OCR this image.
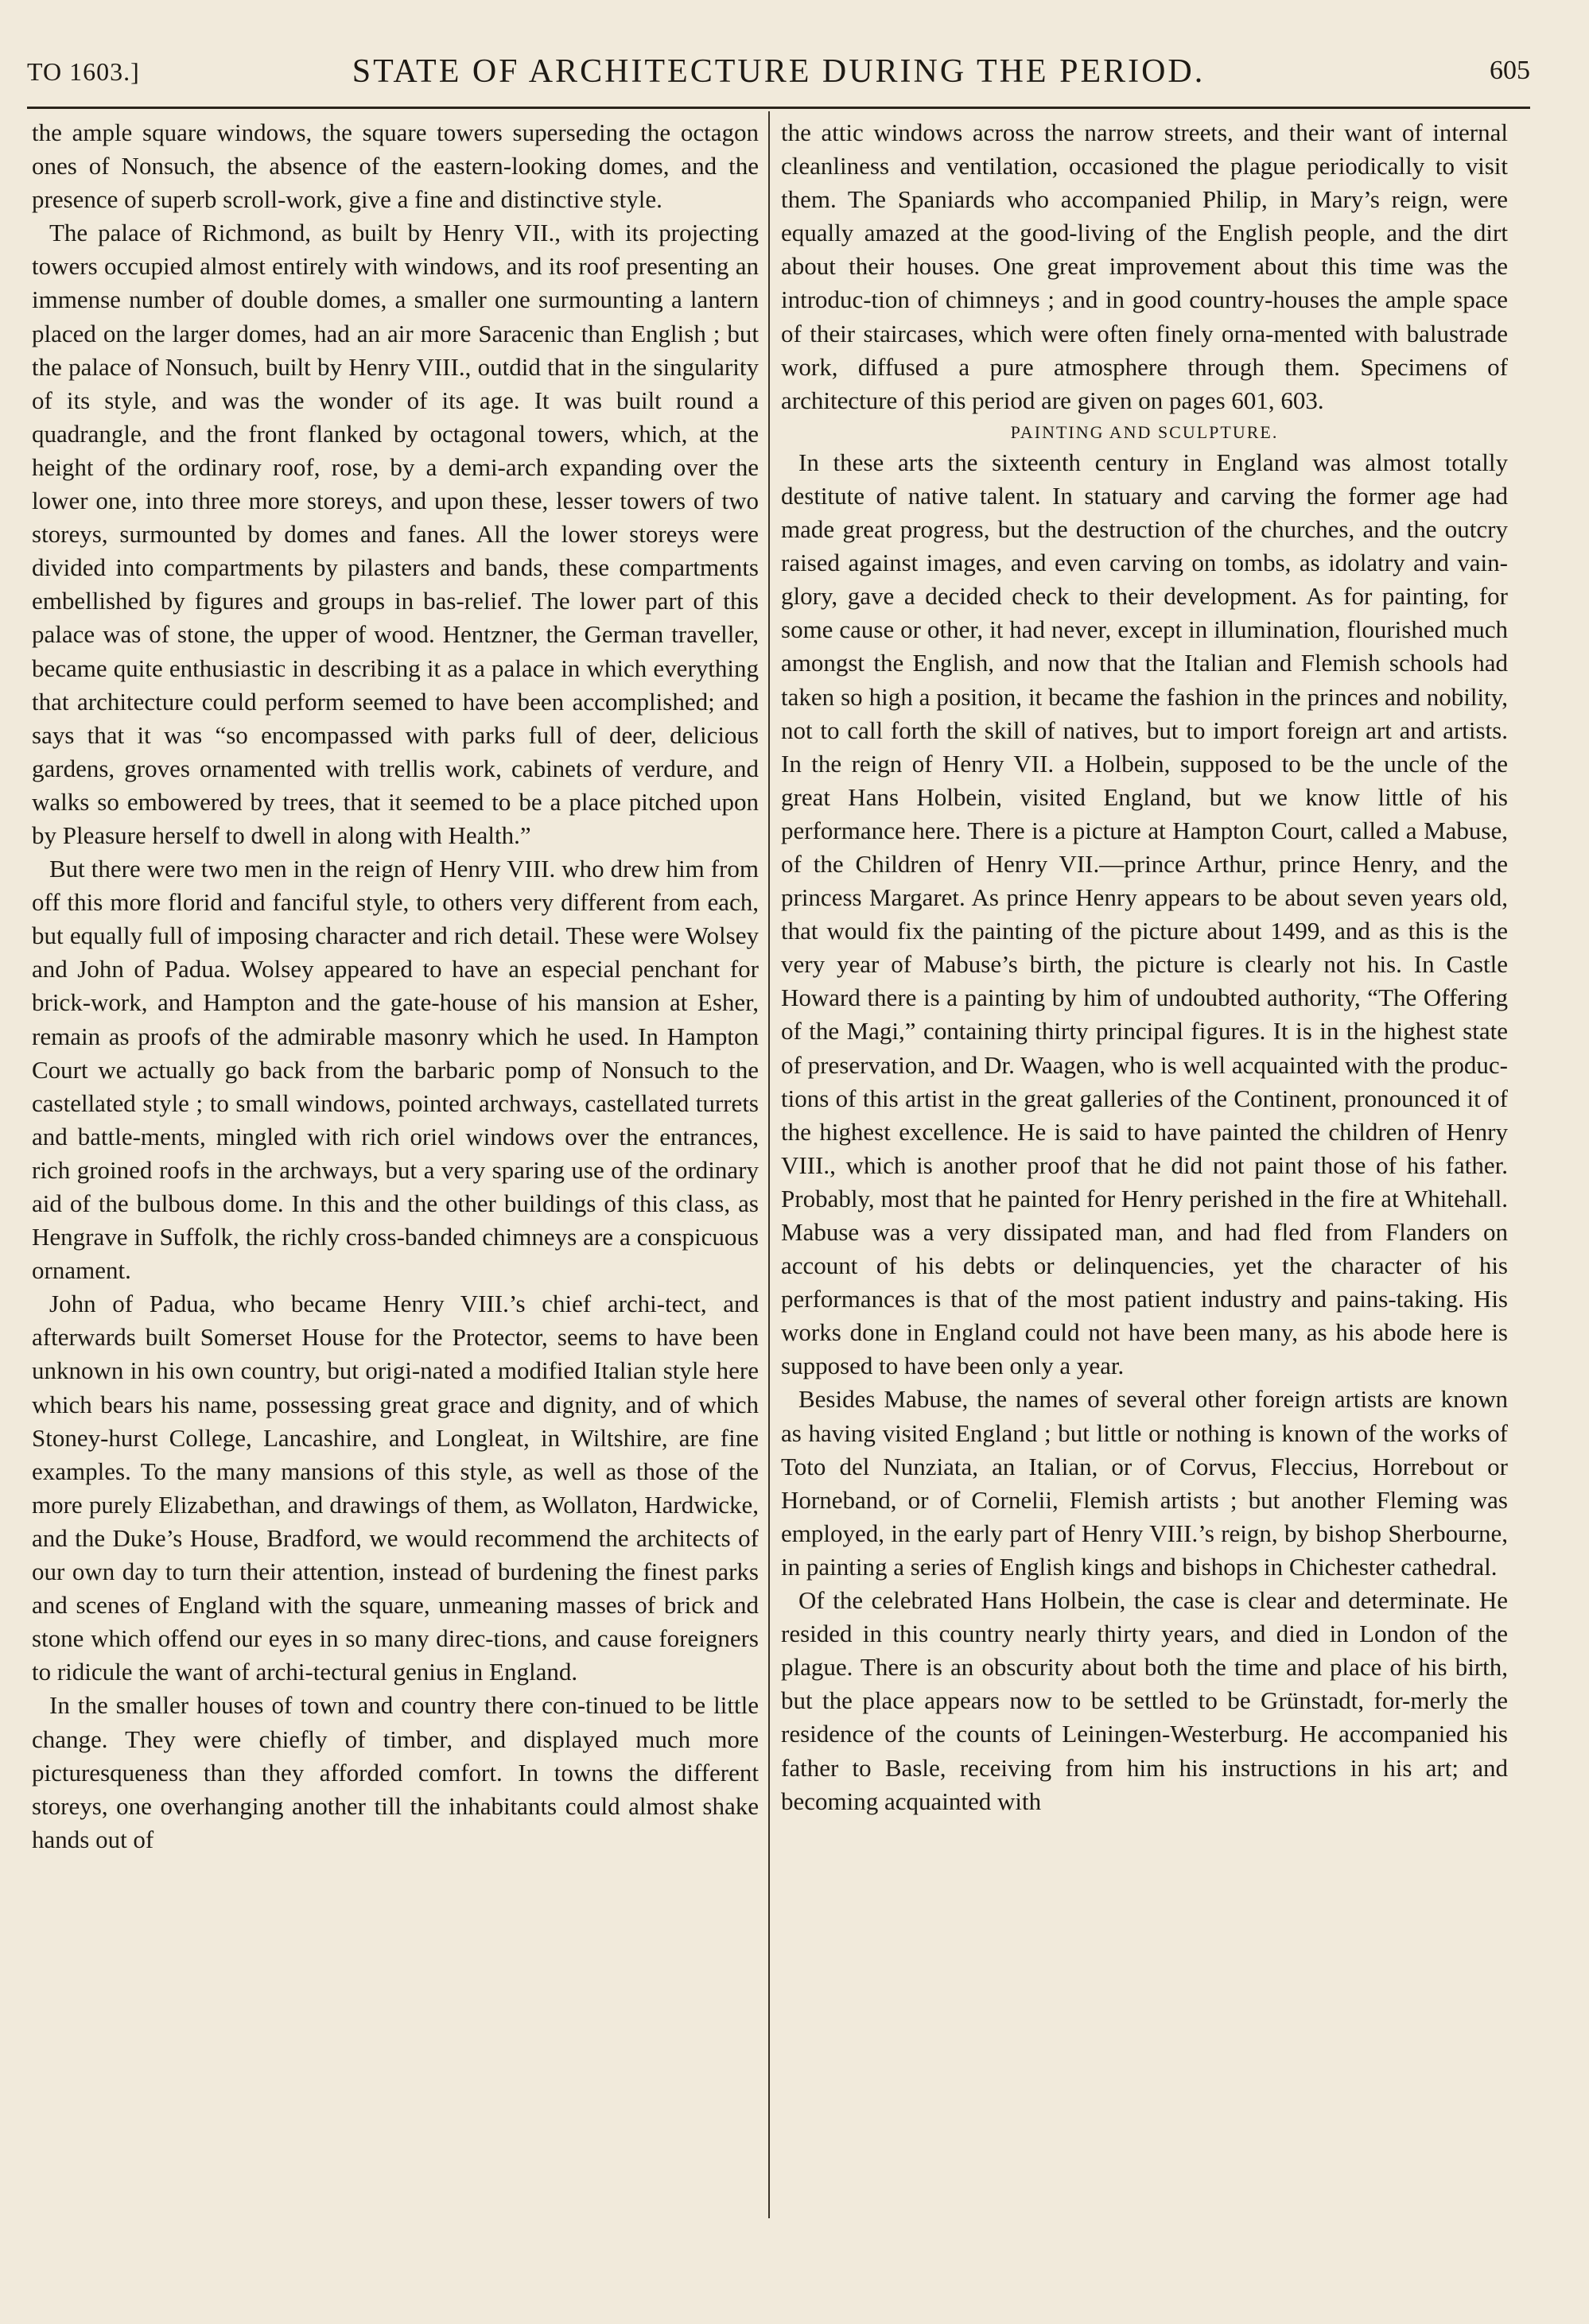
TO 1603.]	STATE OF ARCHITECTURE DURING THE PERIOD.	605

the ample square windows, the square towers superseding the octagon ones of Nonsuch, the absence of the eastern-looking domes, and the presence of superb scroll-work, give a fine and distinctive style.

The palace of Richmond, as built by Henry VII., with its projecting towers occupied almost entirely with windows, and its roof presenting an immense number of double domes, a smaller one surmounting a lantern placed on the larger domes, had an air more Saracenic than English ; but the palace of Nonsuch, built by Henry VIII., outdid that in the singularity of its style, and was the wonder of its age. It was built round a quadrangle, and the front flanked by octagonal towers, which, at the height of the ordinary roof, rose, by a demi-arch expanding over the lower one, into three more storeys, and upon these, lesser towers of two storeys, surmounted by domes and fanes. All the lower storeys were divided into compartments by pilasters and bands, these compartments embellished by figures and groups in bas-relief. The lower part of this palace was of stone, the upper of wood. Hentzner, the German traveller, became quite enthusiastic in describing it as a palace in which everything that architecture could perform seemed to have been accomplished; and says that it was “so encompassed with parks full of deer, delicious gardens, groves ornamented with trellis work, cabinets of verdure, and walks so embowered by trees, that it seemed to be a place pitched upon by Pleasure herself to dwell in along with Health.”

But there were two men in the reign of Henry VIII. who drew him from off this more florid and fanciful style, to others very different from each, but equally full of imposing character and rich detail. These were Wolsey and John of Padua. Wolsey appeared to have an especial penchant for brick-work, and Hampton and the gate-house of his mansion at Esher, remain as proofs of the admirable masonry which he used. In Hampton Court we actually go back from the barbaric pomp of Nonsuch to the castellated style ; to small windows, pointed archways, castellated turrets and battle-ments, mingled with rich oriel windows over the entrances, rich groined roofs in the archways, but a very sparing use of the ordinary aid of the bulbous dome. In this and the other buildings of this class, as Hengrave in Suffolk, the richly cross-banded chimneys are a conspicuous ornament.

John of Padua, who became Henry VIII.’s chief archi-tect, and afterwards built Somerset House for the Protector, seems to have been unknown in his own country, but origi-nated a modified Italian style here which bears his name, possessing great grace and dignity, and of which Stoney-hurst College, Lancashire, and Longleat, in Wiltshire, are fine examples. To the many mansions of this style, as well as those of the more purely Elizabethan, and drawings of them, as Wollaton, Hardwicke, and the Duke’s House, Bradford, we would recommend the architects of our own day to turn their attention, instead of burdening the finest parks and scenes of England with the square, unmeaning masses of brick and stone which offend our eyes in so many direc-tions, and cause foreigners to ridicule the want of archi-tectural genius in England.

In the smaller houses of town and country there con-tinued to be little change. They were chiefly of timber, and displayed much more picturesqueness than they afforded comfort. In towns the different storeys, one overhanging another till the inhabitants could almost shake hands out of

the attic windows across the narrow streets, and their want of internal cleanliness and ventilation, occasioned the plague periodically to visit them. The Spaniards who accompanied Philip, in Mary’s reign, were equally amazed at the good-living of the English people, and the dirt about their houses. One great improvement about this time was the introduc-tion of chimneys ; and in good country-houses the ample space of their staircases, which were often finely orna-mented with balustrade work, diffused a pure atmosphere through them. Specimens of architecture of this period are given on pages 601, 603.

PAINTING AND SCULPTURE.

In these arts the sixteenth century in England was almost totally destitute of native talent. In statuary and carving the former age had made great progress, but the destruction of the churches, and the outcry raised against images, and even carving on tombs, as idolatry and vain-glory, gave a decided check to their development. As for painting, for some cause or other, it had never, except in illumination, flourished much amongst the English, and now that the Italian and Flemish schools had taken so high a position, it became the fashion in the princes and nobility, not to call forth the skill of natives, but to import foreign art and artists. In the reign of Henry VII. a Holbein, supposed to be the uncle of the great Hans Holbein, visited England, but we know little of his performance here. There is a picture at Hampton Court, called a Mabuse, of the Children of Henry VII.—prince Arthur, prince Henry, and the princess Margaret. As prince Henry appears to be about seven years old, that would fix the painting of the picture about 1499, and as this is the very year of Mabuse’s birth, the picture is clearly not his. In Castle Howard there is a painting by him of undoubted authority, “The Offering of the Magi,” containing thirty principal figures. It is in the highest state of preservation, and Dr. Waagen, who is well acquainted with the produc-tions of this artist in the great galleries of the Continent, pronounced it of the highest excellence. He is said to have painted the children of Henry VIII., which is another proof that he did not paint those of his father. Probably, most that he painted for Henry perished in the fire at Whitehall. Mabuse was a very dissipated man, and had fled from Flanders on account of his debts or delinquencies, yet the character of his performances is that of the most patient industry and pains-taking. His works done in England could not have been many, as his abode here is supposed to have been only a year.

Besides Mabuse, the names of several other foreign artists are known as having visited England ; but little or nothing is known of the works of Toto del Nunziata, an Italian, or of Corvus, Fleccius, Horrebout or Horneband, or of Cornelii, Flemish artists ; but another Fleming was employed, in the early part of Henry VIII.’s reign, by bishop Sherbourne, in painting a series of English kings and bishops in Chichester cathedral.

Of the celebrated Hans Holbein, the case is clear and determinate. He resided in this country nearly thirty years, and died in London of the plague. There is an obscurity about both the time and place of his birth, but the place appears now to be settled to be Grünstadt, for-merly the residence of the counts of Leiningen-Westerburg. He accompanied his father to Basle, receiving from him his instructions in his art; and becoming acquainted with
